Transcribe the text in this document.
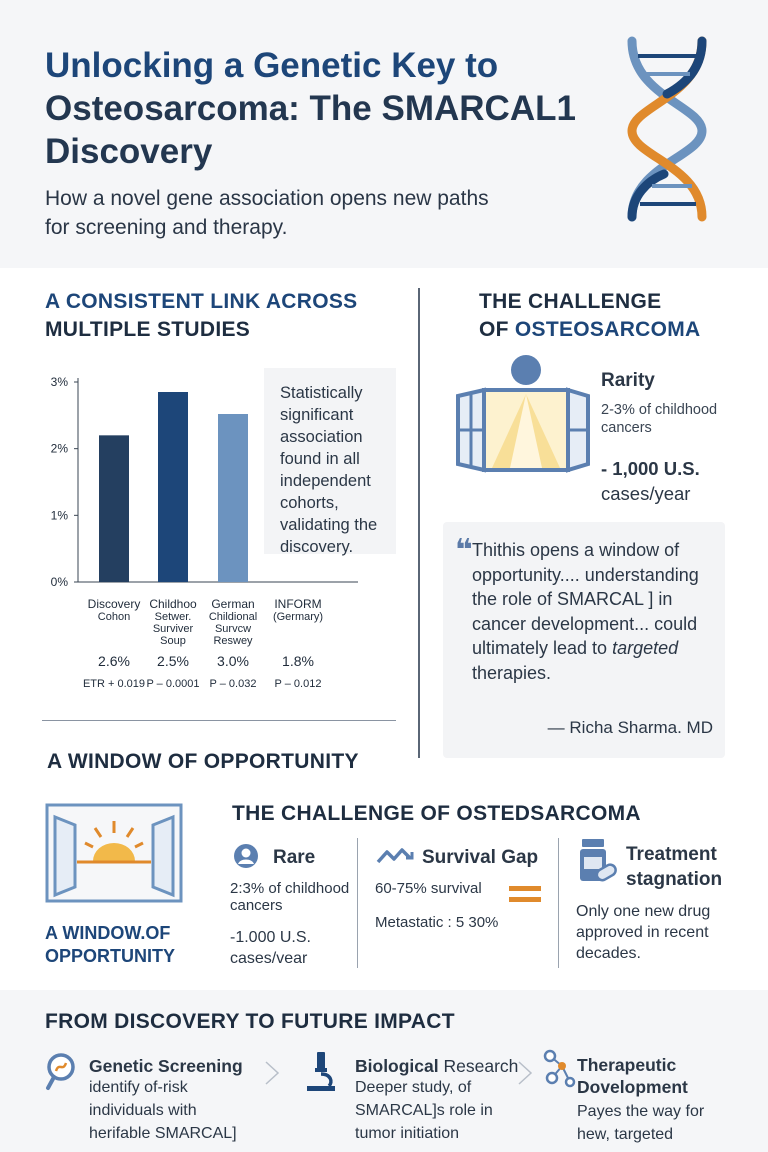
Unlocking a Genetic Key to
Osteosarcoma: The SMARCAL1
Discovery
How a novel gene association opens new paths
for screening and therapy.
A CONSISTENT LINK ACROSS
MULTIPLE STUDIES
3%
2%
1%
0%
Discovery
Cohon
2.6%
ETR + 0.019
Childhoo
Setwer.
Surviver
Soup
2.5%
P – 0.0001
German
Childional
Survcw
Reswey
3.0%
P – 0.032
INFORM
(Germary)
1.8%
P – 0.012
Statistically significant association found in all independent cohorts, validating the discovery.
THE CHALLENGE
OF OSTEOSARCOMA
Rarity
2-3% of childhood cancers
- 1,000 U.S.
cases/year
❝ Thithis opens a window of opportunity.... understanding the role of SMARCAL ] in cancer development... could ultimately lead to targeted therapies.
— Richa Sharma. MD
A WINDOW OF OPPORTUNITY
A WINDOW.OF
OPPORTUNITY
THE CHALLENGE OF OSTEDSARCOMA
Rare
2:3% of childhood cancers
-1.000 U.S. cases/vear
Survival Gap
60-75% survival
Metastatic : 5 30%
Treatment stagnation
Only one new drug approved in recent decades.
FROM DISCOVERY TO FUTURE IMPACT
Genetic Screening
identify of-risk individuals with herifable SMARCAL]
Biological Research
Deeper study, of SMARCAL]s role in tumor initiation
Therapeutic Dovelopment
Payes the way for hew, targeted
